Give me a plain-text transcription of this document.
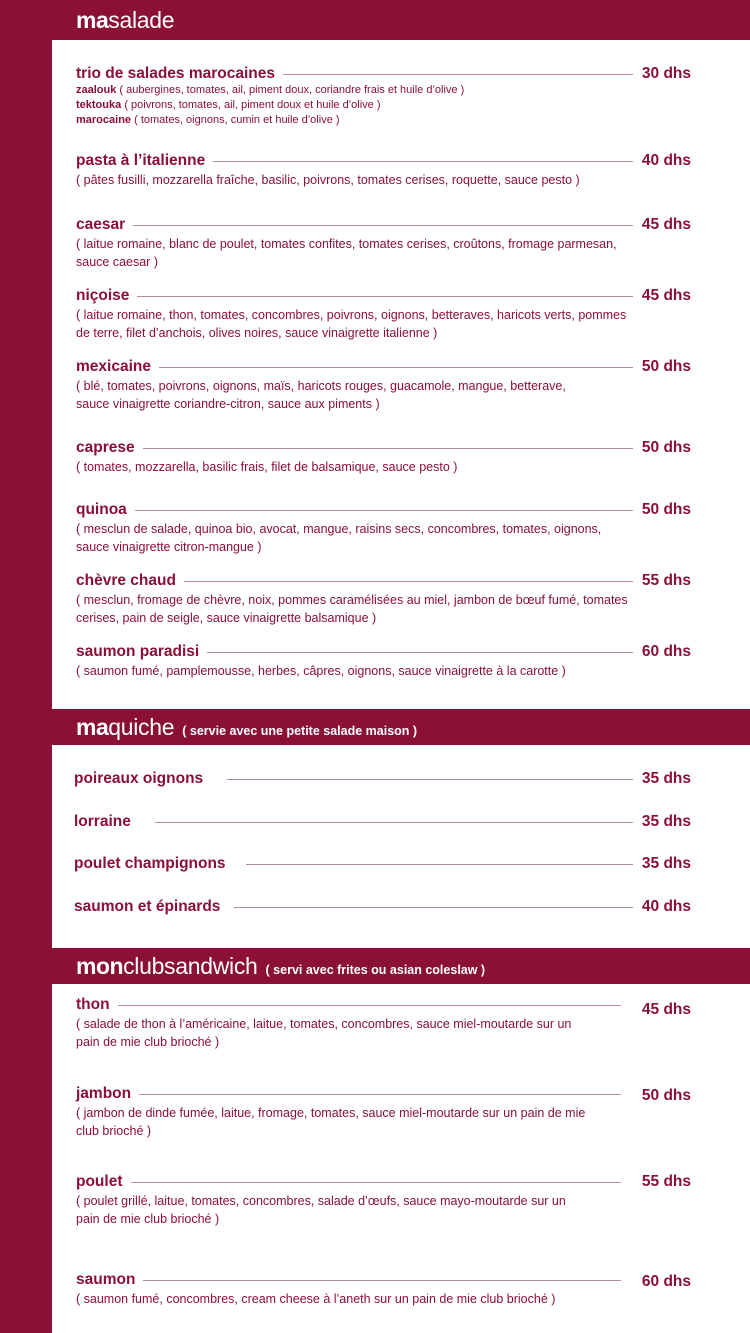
ma salade
ma quiche ( servie avec une petite salade maison )
mon clubsandwich ( servi avec frites ou asian coleslaw )
trio de salades marocaines	30 dhs
zaalouk ( aubergines, tomates, ail, piment doux, coriandre frais et huile d’olive )
tektouka ( poivrons, tomates, ail, piment doux et huile d’olive )
marocaine ( tomates, oignons, cumin et huile d’olive )
pasta à l’italienne	40 dhs
( pâtes fusilli, mozzarella fraîche, basilic, poivrons, tomates cerises, roquette, sauce pesto )
caesar	45 dhs
( laitue romaine, blanc de poulet, tomates confites, tomates cerises, croûtons, fromage parmesan, sauce caesar )
niçoise	45 dhs
( laitue romaine, thon, tomates, concombres, poivrons, oignons, betteraves, haricots verts, pommes de terre, filet d’anchois, olives noires, sauce vinaigrette italienne )
mexicaine	50 dhs
( blé, tomates, poivrons, oignons, maïs, haricots rouges, guacamole, mangue, betterave, sauce vinaigrette coriandre-citron, sauce aux piments )
caprese	50 dhs
( tomates, mozzarella, basilic frais, filet de balsamique, sauce pesto )
quinoa	50 dhs
( mesclun de salade, quinoa bio, avocat, mangue, raisins secs, concombres, tomates, oignons, sauce vinaigrette citron-mangue )
chèvre chaud	55 dhs
( mesclun, fromage de chèvre, noix, pommes caramélisées au miel, jambon de bœuf fumé, tomates cerises, pain de seigle, sauce vinaigrette balsamique )
saumon paradisi	60 dhs
( saumon fumé, pamplemousse, herbes, câpres, oignons, sauce vinaigrette à la carotte )
poireaux oignons	35 dhs
lorraine	35 dhs
poulet champignons	35 dhs
saumon et épinards	40 dhs
thon	45 dhs
( salade de thon à l’américaine, laitue, tomates, concombres, sauce miel-moutarde sur un pain de mie club brioché )
jambon	50 dhs
( jambon de dinde fumée, laitue, fromage, tomates, sauce miel-moutarde sur un pain de mie club brioché )
poulet	55 dhs
( poulet grillé, laitue, tomates, concombres, salade d’œufs, sauce mayo-moutarde sur un pain de mie club brioché )
saumon	60 dhs
( saumon fumé, concombres, cream cheese à l’aneth sur un pain de mie club brioché )
